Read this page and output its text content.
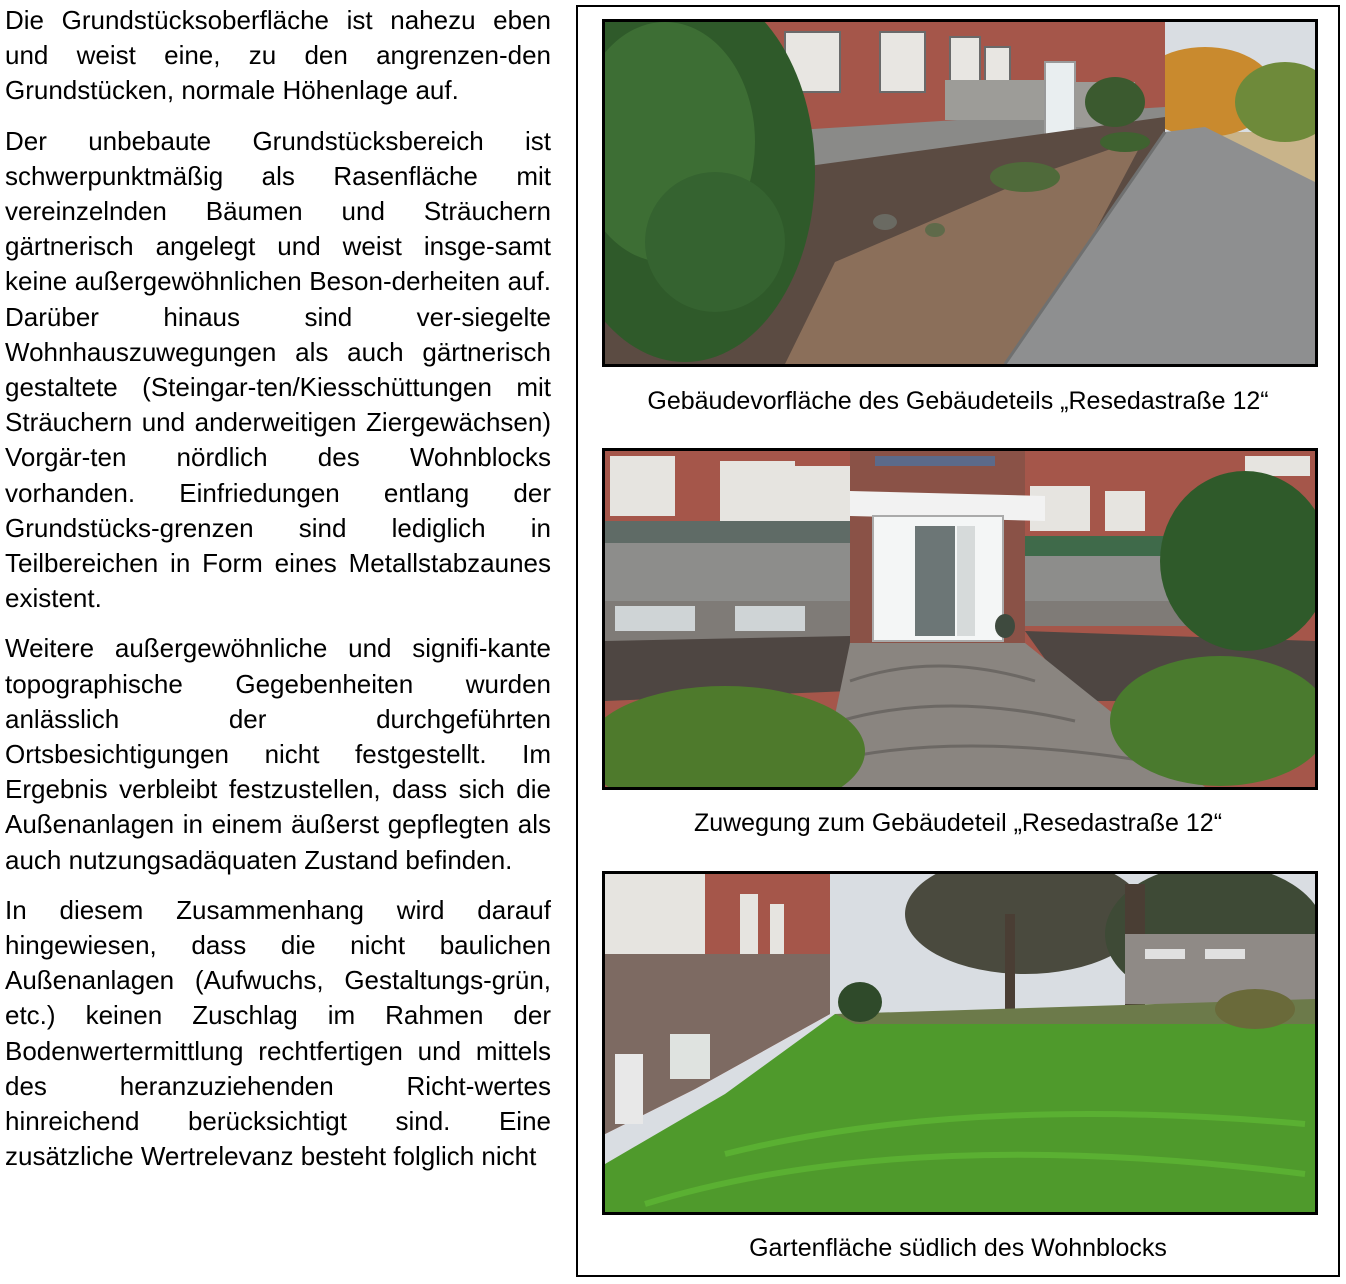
Die Grundstücksoberfläche ist nahezu eben und weist eine, zu den angrenzen-den Grundstücken, normale Höhenlage auf.

Der unbebaute Grundstücksbereich ist schwerpunktmäßig als Rasenfläche mit vereinzelnden Bäumen und Sträuchern gärtnerisch angelegt und weist insge-samt keine außergewöhnlichen Beson-derheiten auf. Darüber hinaus sind ver-siegelte Wohnhauszuwegungen als auch gärtnerisch gestaltete (Steingar-ten/Kiesschüttungen mit Sträuchern und anderweitigen Ziergewächsen) Vorgär-ten nördlich des Wohnblocks vorhanden. Einfriedungen entlang der Grundstücks-grenzen sind lediglich in Teilbereichen in Form eines Metallstabzaunes existent.

Weitere außergewöhnliche und signifi-kante topographische Gegebenheiten wurden anlässlich der durchgeführten Ortsbesichtigungen nicht festgestellt. Im Ergebnis verbleibt festzustellen, dass sich die Außenanlagen in einem äußerst gepflegten als auch nutzungsadäquaten Zustand befinden.

In diesem Zusammenhang wird darauf hingewiesen, dass die nicht baulichen Außenanlagen (Aufwuchs, Gestaltungs-grün, etc.) keinen Zuschlag im Rahmen der Bodenwertermittlung rechtfertigen und mittels des heranzuziehenden Richt-wertes hinreichend berücksichtigt sind. Eine zusätzliche Wertrelevanz besteht folglich nicht

Gebäudevorfläche des Gebäudeteils „Resedastraße 12“
Zuwegung zum Gebäudeteil „Resedastraße 12“
Gartenfläche südlich des Wohnblocks
